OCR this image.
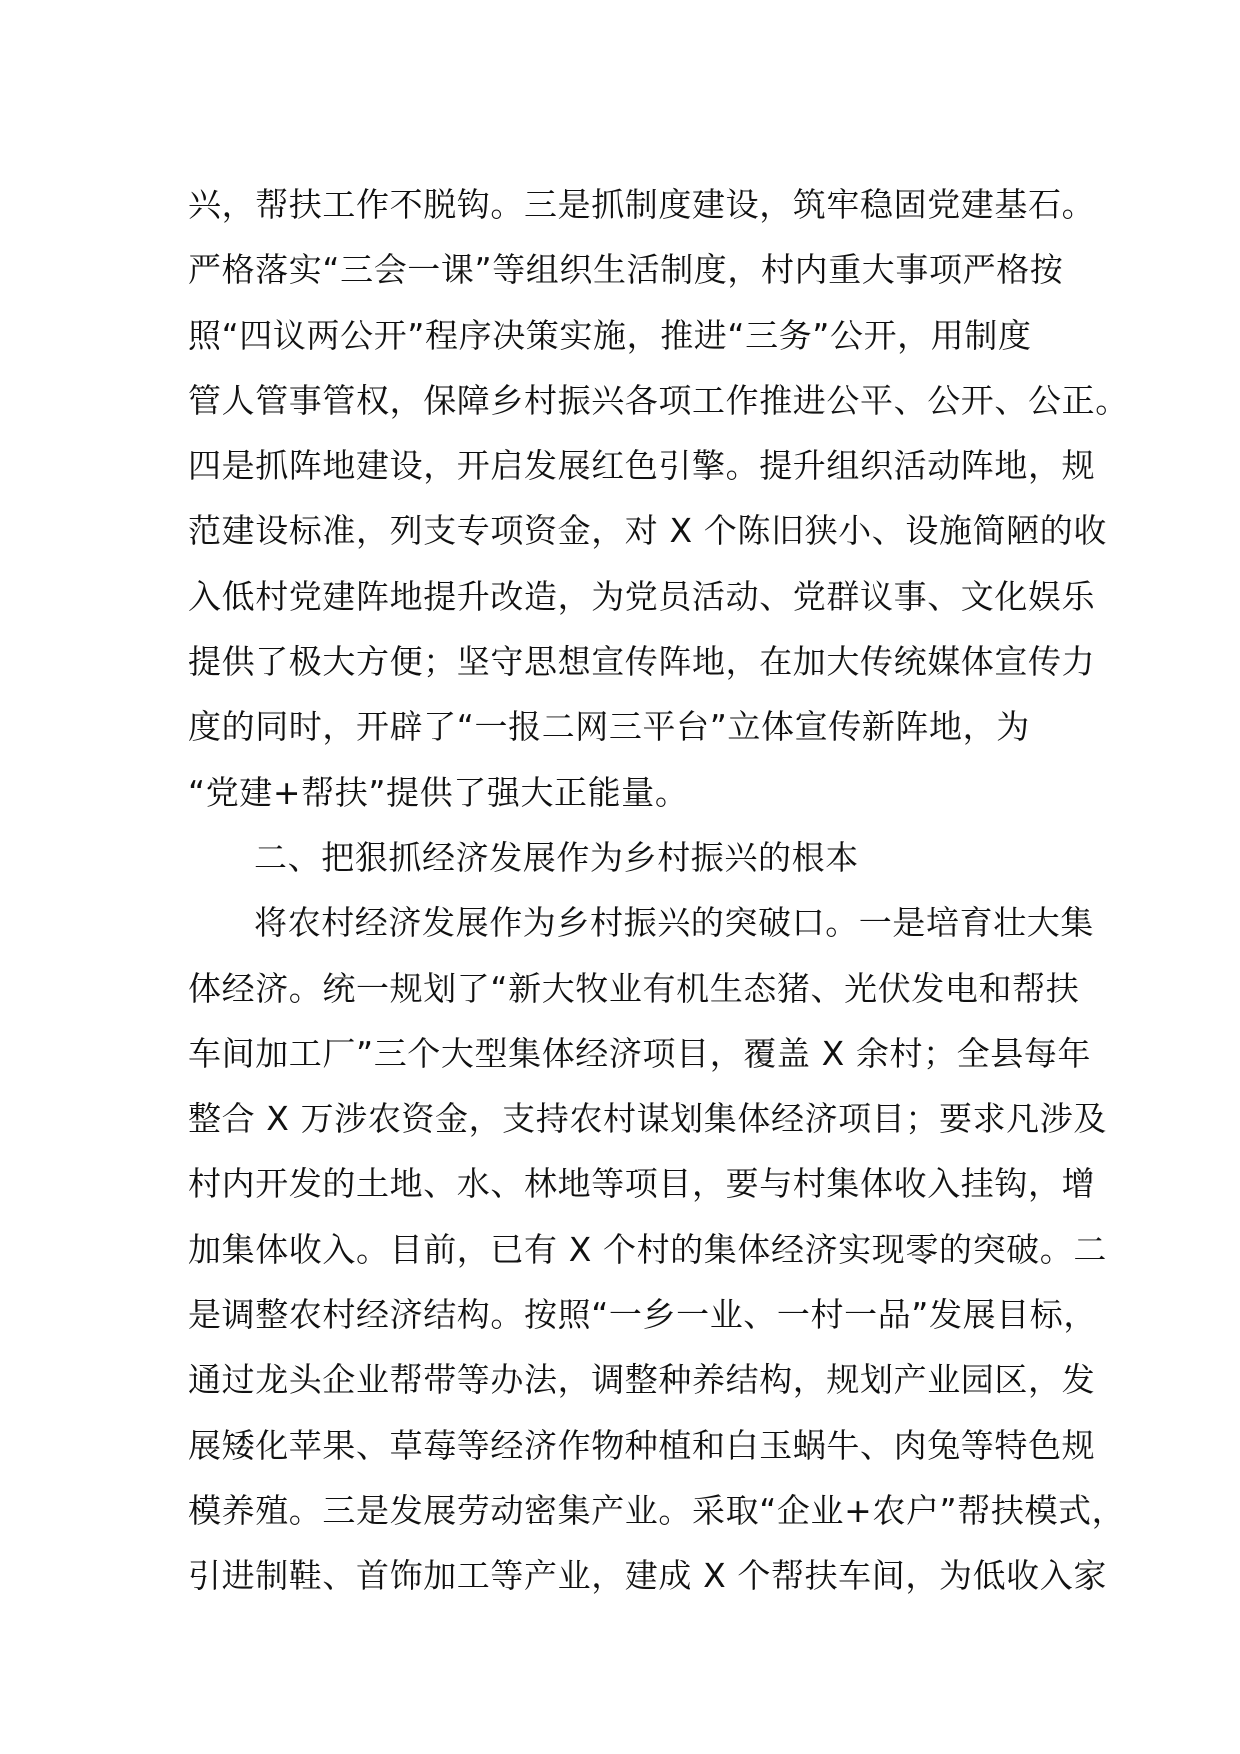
兴，帮扶工作不脱钩。三是抓制度建设，筑牢稳固党建基石。
严格落实“三会一课”等组织生活制度，村内重大事项严格按
照“四议两公开”程序决策实施，推进“三务”公开，用制度
管人管事管权，保障乡村振兴各项工作推进公平、公开、公正。
四是抓阵地建设，开启发展红色引擎。提升组织活动阵地，规
范建设标准，列支专项资金，对 X 个陈旧狭小、设施简陋的收
入低村党建阵地提升改造，为党员活动、党群议事、文化娱乐
提供了极大方便；坚守思想宣传阵地，在加大传统媒体宣传力
度的同时，开辟了“一报二网三平台”立体宣传新阵地，为
“党建+帮扶”提供了强大正能量。
二、把狠抓经济发展作为乡村振兴的根本
将农村经济发展作为乡村振兴的突破口。一是培育壮大集
体经济。统一规划了“新大牧业有机生态猪、光伏发电和帮扶
车间加工厂”三个大型集体经济项目，覆盖 X 余村；全县每年
整合 X 万涉农资金，支持农村谋划集体经济项目；要求凡涉及
村内开发的土地、水、林地等项目，要与村集体收入挂钩，增
加集体收入。目前，已有 X 个村的集体经济实现零的突破。二
是调整农村经济结构。按照“一乡一业、一村一品”发展目标，
通过龙头企业帮带等办法，调整种养结构，规划产业园区，发
展矮化苹果、草莓等经济作物种植和白玉蜗牛、肉兔等特色规
模养殖。三是发展劳动密集产业。采取“企业+农户”帮扶模式，
引进制鞋、首饰加工等产业，建成 X 个帮扶车间，为低收入家
